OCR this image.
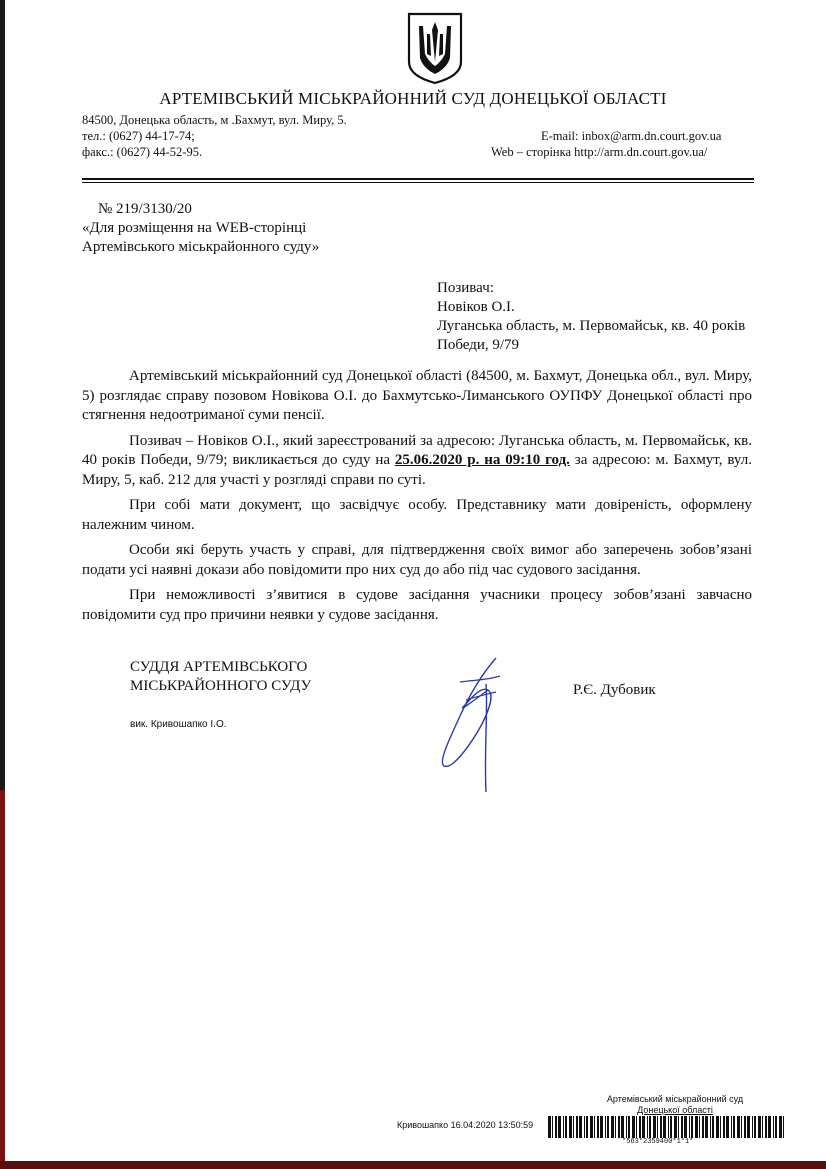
АРТЕМІВСЬКИЙ МІСЬКРАЙОННИЙ СУД ДОНЕЦЬКОЇ ОБЛАСТІ
84500, Донецька область, м .Бахмут, вул. Миру, 5.
тел.: (0627) 44-17-74;
факс.: (0627) 44-52-95.
E-mail: inbox@arm.dn.court.gov.ua
Web – сторінка http://arm.dn.court.gov.ua/
№ 219/3130/20
«Для розміщення на WEB-сторінці
Артемівського міськрайонного суду»
Позивач:
Новіков О.І.
Луганська область, м. Первомайськ, кв. 40 років
Победи, 9/79

Артемівський міськрайонний суд Донецької області (84500, м. Бахмут, Донецька обл., вул. Миру, 5) розглядає справу позовом Новікова О.І. до Бахмутсько-Лиманського ОУПФУ Донецької області про стягнення недоотриманої суми пенсії.

Позивач – Новіков О.І., який зареєстрований за адресою: Луганська область, м. Первомайськ, кв. 40 років Победи, 9/79; викликається до суду на 25.06.2020 р. на 09:10 год. за адресою: м. Бахмут, вул. Миру, 5, каб. 212 для участі у розгляді справи по суті.

При собі мати документ, що засвідчує особу. Представнику мати довіреність, оформлену належним чином.

Особи які беруть участь у справі, для підтвердження своїх вимог або заперечень зобов’язані подати усі наявні докази або повідомити про них суд до або під час судового засідання.

При неможливості з’явитися в судове засідання учасники процесу зобов’язані завчасно повідомити суд про причини неявки у судове засідання.

СУДДЯ АРТЕМІВСЬКОГО
МІСЬКРАЙОННОГО СУДУ	Р.Є. Дубовик
вик. Кривошапко І.О.
Артемівський міськрайонний суд
Донецької області
Кривошапко 16.04.2020 13:50:59
*563*2359400*1*1*
